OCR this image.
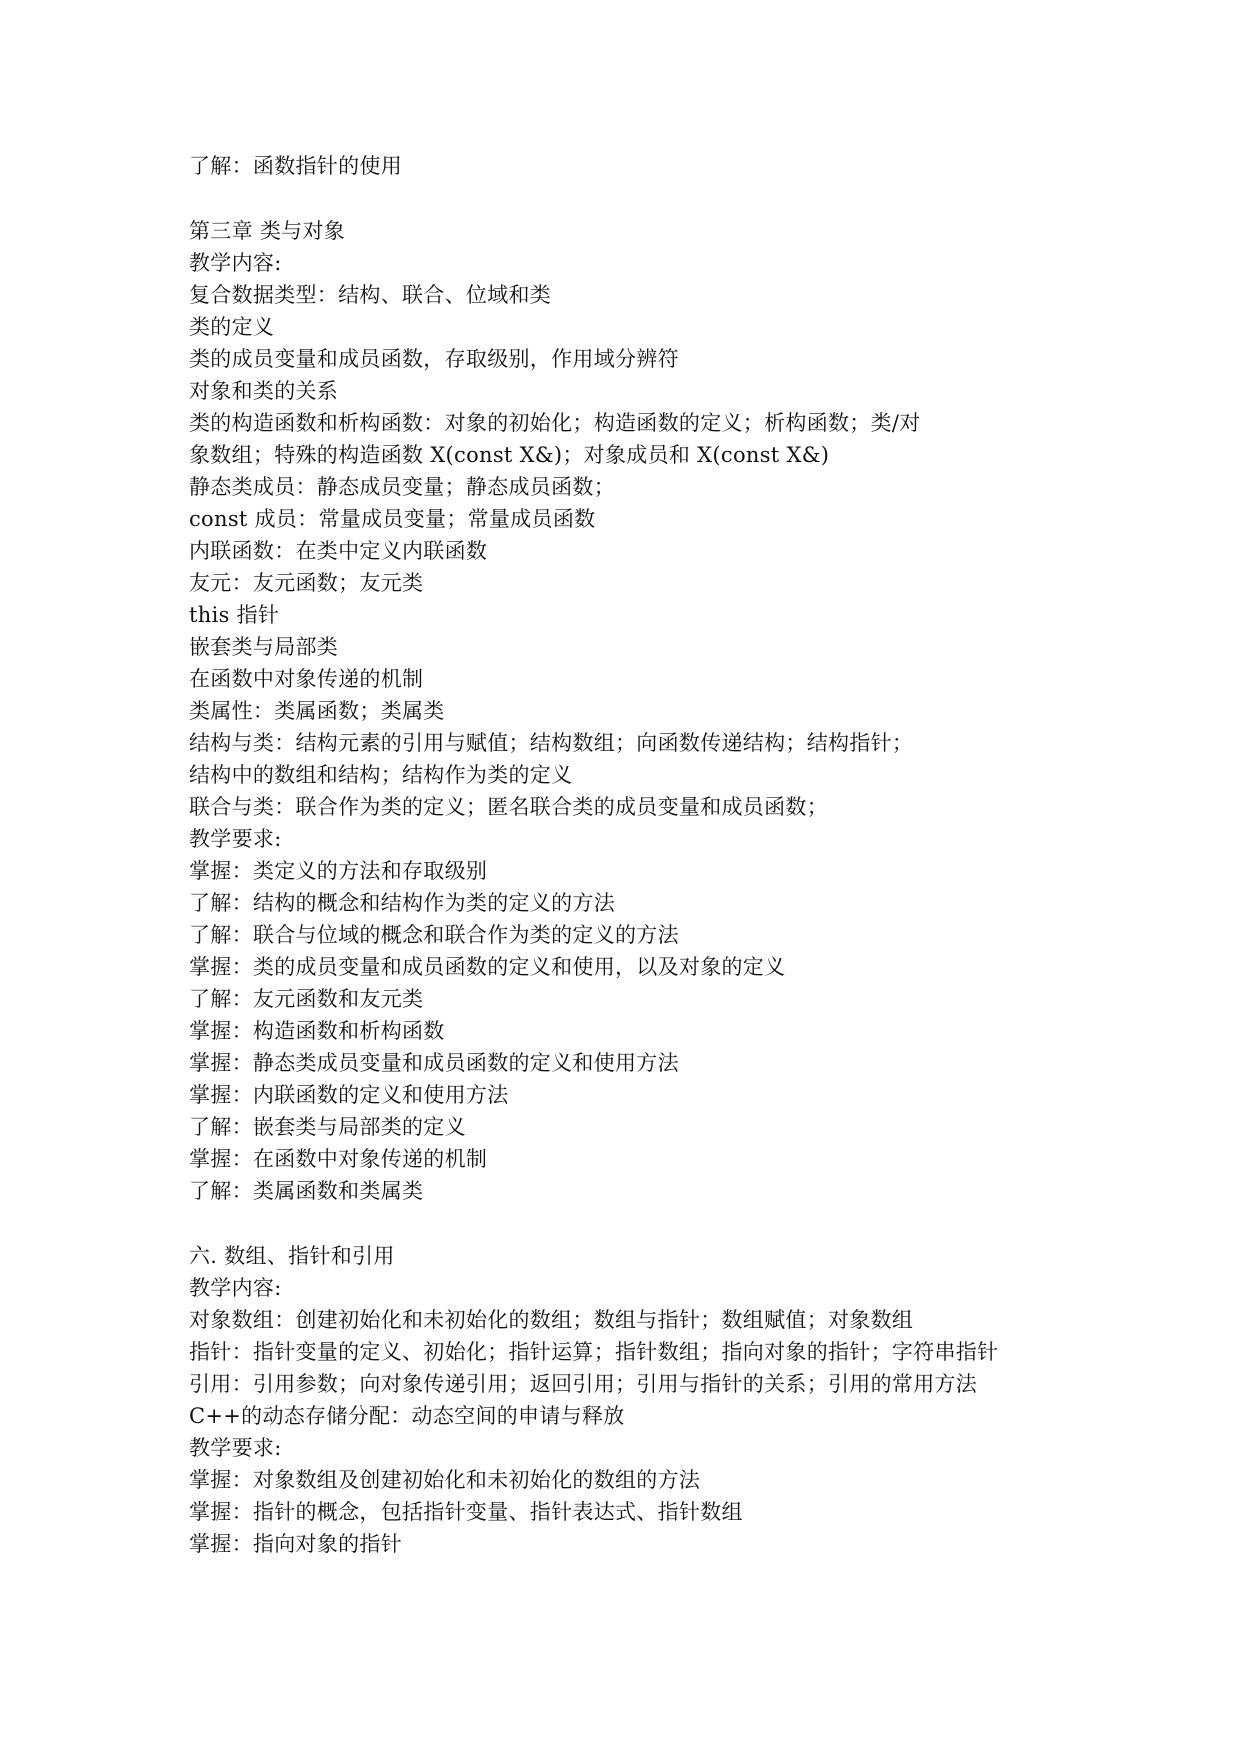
了解：函数指针的使用
第三章 类与对象
教学内容:
复合数据类型：结构、联合、位域和类
类的定义
类的成员变量和成员函数，存取级别，作用域分辨符
对象和类的关系
类的构造函数和析构函数：对象的初始化；构造函数的定义；析构函数；类/对
象数组；特殊的构造函数 X(const X&)；对象成员和 X(const X&)
静态类成员：静态成员变量；静态成员函数；
const 成员：常量成员变量；常量成员函数
内联函数：在类中定义内联函数
友元：友元函数；友元类
this 指针
嵌套类与局部类
在函数中对象传递的机制
类属性：类属函数；类属类
结构与类：结构元素的引用与赋值；结构数组；向函数传递结构；结构指针；
结构中的数组和结构；结构作为类的定义
联合与类：联合作为类的定义；匿名联合类的成员变量和成员函数；
教学要求:
掌握：类定义的方法和存取级别
了解：结构的概念和结构作为类的定义的方法
了解：联合与位域的概念和联合作为类的定义的方法
掌握：类的成员变量和成员函数的定义和使用，以及对象的定义
了解：友元函数和友元类
掌握：构造函数和析构函数
掌握：静态类成员变量和成员函数的定义和使用方法
掌握：内联函数的定义和使用方法
了解：嵌套类与局部类的定义
掌握：在函数中对象传递的机制
了解：类属函数和类属类
六. 数组、指针和引用
教学内容:
对象数组：创建初始化和未初始化的数组；数组与指针；数组赋值；对象数组
指针：指针变量的定义、初始化；指针运算；指针数组；指向对象的指针；字符串指针
引用：引用参数；向对象传递引用；返回引用；引用与指针的关系；引用的常用方法
C++的动态存储分配：动态空间的申请与释放
教学要求:
掌握：对象数组及创建初始化和未初始化的数组的方法
掌握：指针的概念，包括指针变量、指针表达式、指针数组
掌握：指向对象的指针
